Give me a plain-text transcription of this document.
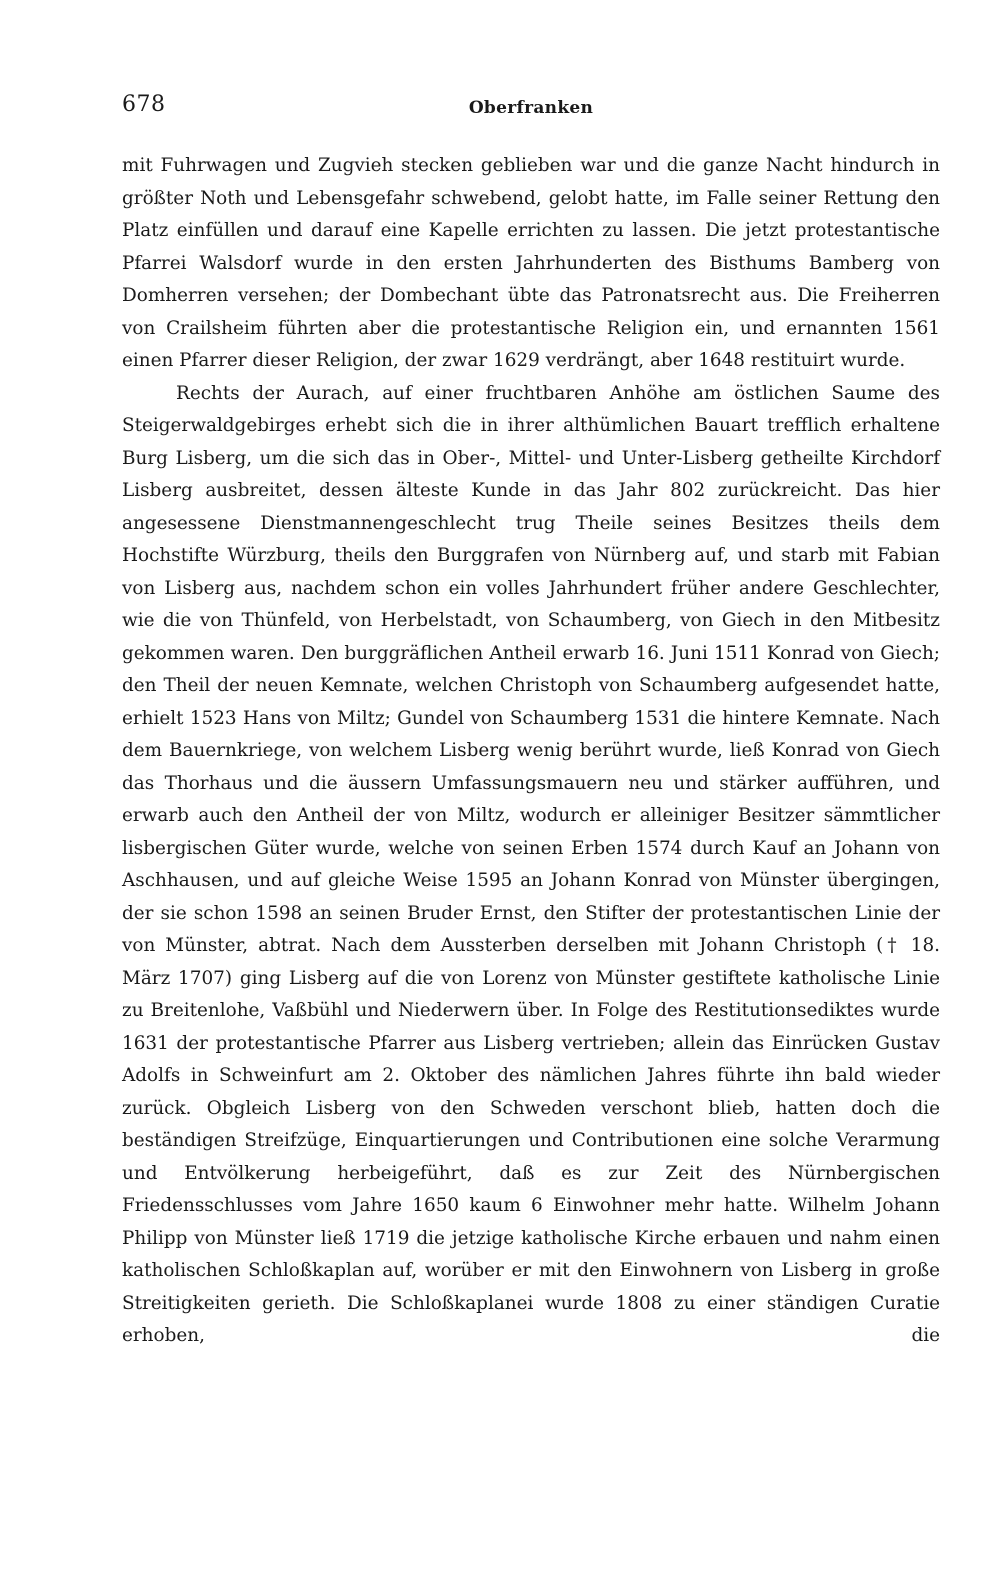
678	Oberfranken

mit Fuhrwagen und Zugvieh stecken geblieben war und die ganze Nacht hindurch in größter Noth und Lebensgefahr schwebend, gelobt hatte, im Falle seiner Rettung den Platz einfüllen und darauf eine Kapelle errichten zu lassen. Die jetzt protestantische Pfarrei Walsdorf wurde in den ersten Jahrhunderten des Bisthums Bamberg von Domherren versehen; der Dombechant übte das Patronatsrecht aus. Die Freiherren von Crailsheim führten aber die protestantische Religion ein, und ernannten 1561 einen Pfarrer dieser Religion, der zwar 1629 verdrängt, aber 1648 restituirt wurde.

Rechts der Aurach, auf einer fruchtbaren Anhöhe am östlichen Saume des Steigerwaldgebirges erhebt sich die in ihrer althümlichen Bauart trefflich erhaltene Burg Lisberg, um die sich das in Ober-, Mittel- und Unter-Lisberg getheilte Kirchdorf Lisberg ausbreitet, dessen älteste Kunde in das Jahr 802 zurückreicht. Das hier angesessene Dienstmannengeschlecht trug Theile seines Besitzes theils dem Hochstifte Würzburg, theils den Burggrafen von Nürnberg auf, und starb mit Fabian von Lisberg aus, nachdem schon ein volles Jahrhundert früher andere Geschlechter, wie die von Thünfeld, von Herbelstadt, von Schaumberg, von Giech in den Mitbesitz gekommen waren. Den burggräflichen Antheil erwarb 16. Juni 1511 Konrad von Giech; den Theil der neuen Kemnate, welchen Christoph von Schaumberg aufgesendet hatte, erhielt 1523 Hans von Miltz; Gundel von Schaumberg 1531 die hintere Kemnate. Nach dem Bauernkriege, von welchem Lisberg wenig berührt wurde, ließ Konrad von Giech das Thorhaus und die äussern Umfassungsmauern neu und stärker aufführen, und erwarb auch den Antheil der von Miltz, wodurch er alleiniger Besitzer sämmtlicher lisbergischen Güter wurde, welche von seinen Erben 1574 durch Kauf an Johann von Aschhausen, und auf gleiche Weise 1595 an Johann Konrad von Münster übergingen, der sie schon 1598 an seinen Bruder Ernst, den Stifter der protestantischen Linie der von Münster, abtrat. Nach dem Aussterben derselben mit Johann Christoph († 18. März 1707) ging Lisberg auf die von Lorenz von Münster gestiftete katholische Linie zu Breitenlohe, Vaßbühl und Niederwern über. In Folge des Restitutionsediktes wurde 1631 der protestantische Pfarrer aus Lisberg vertrieben; allein das Einrücken Gustav Adolfs in Schweinfurt am 2. Oktober des nämlichen Jahres führte ihn bald wieder zurück. Obgleich Lisberg von den Schweden verschont blieb, hatten doch die beständigen Streifzüge, Einquartierungen und Contributionen eine solche Verarmung und Entvölkerung herbeigeführt, daß es zur Zeit des Nürnbergischen Friedensschlusses vom Jahre 1650 kaum 6 Einwohner mehr hatte. Wilhelm Johann Philipp von Münster ließ 1719 die jetzige katholische Kirche erbauen und nahm einen katholischen Schloßkaplan auf, worüber er mit den Einwohnern von Lisberg in große Streitigkeiten gerieth. Die Schloßkaplanei wurde 1808 zu einer ständigen Curatie erhoben, die
